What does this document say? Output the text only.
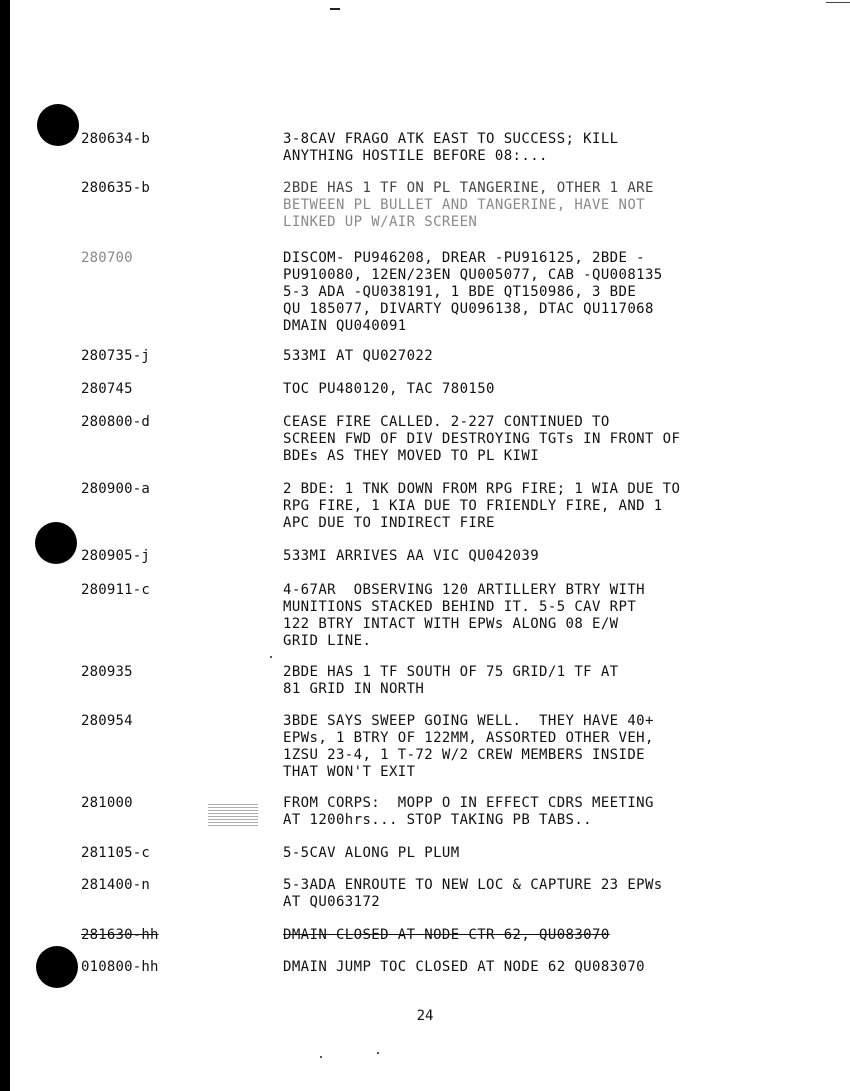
280634-b	3-8CAV FRAGO ATK EAST TO SUCCESS; KILL
ANYTHING HOSTILE BEFORE 08:...
280635-b	2BDE HAS 1 TF ON PL TANGERINE, OTHER 1 ARE
BETWEEN PL BULLET AND TANGERINE, HAVE NOT
LINKED UP W/AIR SCREEN
280700	DISCOM- PU946208, DREAR -PU916125, 2BDE -
PU910080, 12EN/23EN QU005077, CAB -QU008135
5-3 ADA -QU038191, 1 BDE QT150986, 3 BDE
QU 185077, DIVARTY QU096138, DTAC QU117068
DMAIN QU040091
280735-j	533MI AT QU027022
280745	TOC PU480120, TAC 780150
280800-d	CEASE FIRE CALLED. 2-227 CONTINUED TO
SCREEN FWD OF DIV DESTROYING TGTs IN FRONT OF
BDEs AS THEY MOVED TO PL KIWI
280900-a	2 BDE: 1 TNK DOWN FROM RPG FIRE; 1 WIA DUE TO
RPG FIRE, 1 KIA DUE TO FRIENDLY FIRE, AND 1
APC DUE TO INDIRECT FIRE
280905-j	533MI ARRIVES AA VIC QU042039
280911-c	4-67AR  OBSERVING 120 ARTILLERY BTRY WITH
MUNITIONS STACKED BEHIND IT. 5-5 CAV RPT
122 BTRY INTACT WITH EPWs ALONG 08 E/W
GRID LINE.
280935	2BDE HAS 1 TF SOUTH OF 75 GRID/1 TF AT
81 GRID IN NORTH
280954	3BDE SAYS SWEEP GOING WELL.  THEY HAVE 40+
EPWs, 1 BTRY OF 122MM, ASSORTED OTHER VEH,
1ZSU 23-4, 1 T-72 W/2 CREW MEMBERS INSIDE
THAT WON'T EXIT
281000	FROM CORPS:  MOPP O IN EFFECT CDRS MEETING
AT 1200hrs... STOP TAKING PB TABS..
281105-c	5-5CAV ALONG PL PLUM
281400-n	5-3ADA ENROUTE TO NEW LOC & CAPTURE 23 EPWs
AT QU063172
281630-hh	DMAIN CLOSED AT NODE CTR 62, QU083070
010800-hh	DMAIN JUMP TOC CLOSED AT NODE 62 QU083070
24
